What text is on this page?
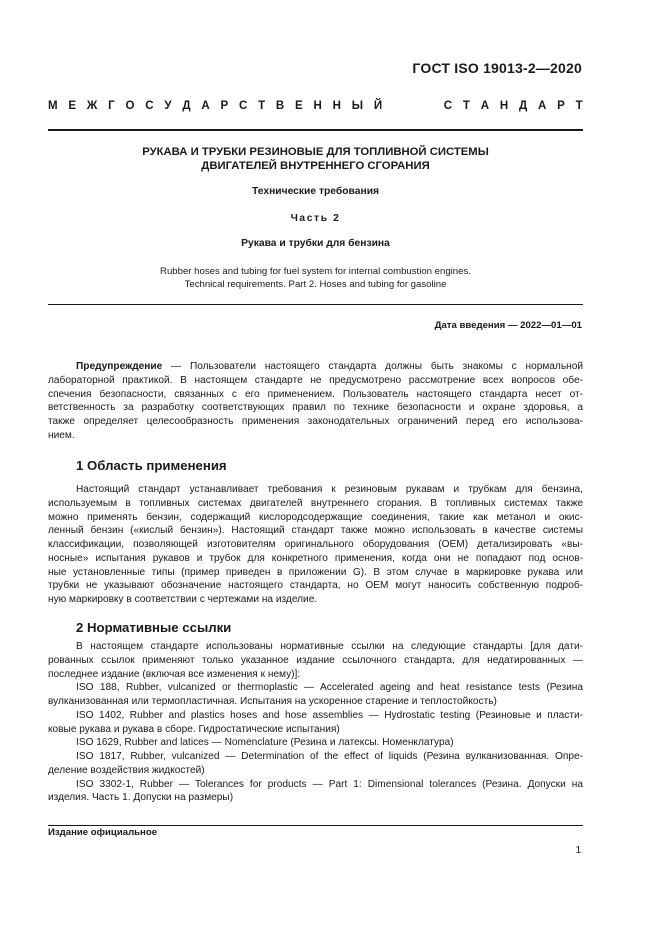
ГОСТ ISO 19013-2—2020
М Е Ж Г О С У Д А Р С Т В Е Н Н Ы Й	С Т А Н Д А Р Т
РУКАВА И ТРУБКИ РЕЗИНОВЫЕ ДЛЯ ТОПЛИВНОЙ СИСТЕМЫ
ДВИГАТЕЛЕЙ ВНУТРЕННЕГО СГОРАНИЯ
Технические требования
Часть 2
Рукава и трубки для бензина
Rubber hoses and tubing for fuel system for internal combustion engines.
Technical requirements. Part 2. Hoses and tubing for gasoline
Дата введения — 2022—01—01
Предупреждение — Пользователи настоящего стандарта должны быть знакомы с нормальной
лабораторной практикой. В настоящем стандарте не предусмотрено рассмотрение всех вопросов обе-
спечения безопасности, связанных с его применением. Пользователь настоящего стандарта несет от-
ветственность за разработку соответствующих правил по технике безопасности и охране здоровья, а
также определяет целесообразность применения законодательных ограничений перед его использова-
нием.
1 Область применения
Настоящий стандарт устанавливает требования к резиновым рукавам и трубкам для бензина,
используемым в топливных системах двигателей внутреннего сгорания. В топливных системах также
можно применять бензин, содержащий кислородсодержащие соединения, такие как метанол и окис-
ленный бензин («кислый бензин»). Настоящий стандарт также можно использовать в качестве системы
классификации, позволяющей изготовителям оригинального оборудования (OEM) детализировать «вы-
носные» испытания рукавов и трубок для конкретного применения, когда они не попадают под основ-
ные установленные типы (пример приведен в приложении G). В этом случае в маркировке рукава или
трубки не указывают обозначение настоящего стандарта, но OEM могут наносить собственную подроб-
ную маркировку в соответствии с чертежами на изделие.
2 Нормативные ссылки
В настоящем стандарте использованы нормативные ссылки на следующие стандарты [для дати-
рованных ссылок применяют только указанное издание ссылочного стандарта, для недатированных —
последнее издание (включая все изменения к нему)]:
ISO 188, Rubber, vulcanized or thermoplastic — Accelerated ageing and heat resistance tests (Резина
вулканизованная или термопластичная. Испытания на ускоренное старение и теплостойкость)
ISO 1402, Rubber and plastics hoses and hose assemblies — Hydrostatic testing (Резиновые и пласти-
ковые рукава и рукава в сборе. Гидростатические испытания)
ISO 1629, Rubber and latices — Nomenclature (Резина и латексы. Номенклатура)
ISO 1817, Rubber, vulcanized — Determination of the effect of liquids (Резина вулканизованная. Опре-
деление воздействия жидкостей)
ISO 3302-1, Rubber — Tolerances for products — Part 1: Dimensional tolerances (Резина. Допуски на
изделия. Часть 1. Допуски на размеры)
Издание официальное
1
